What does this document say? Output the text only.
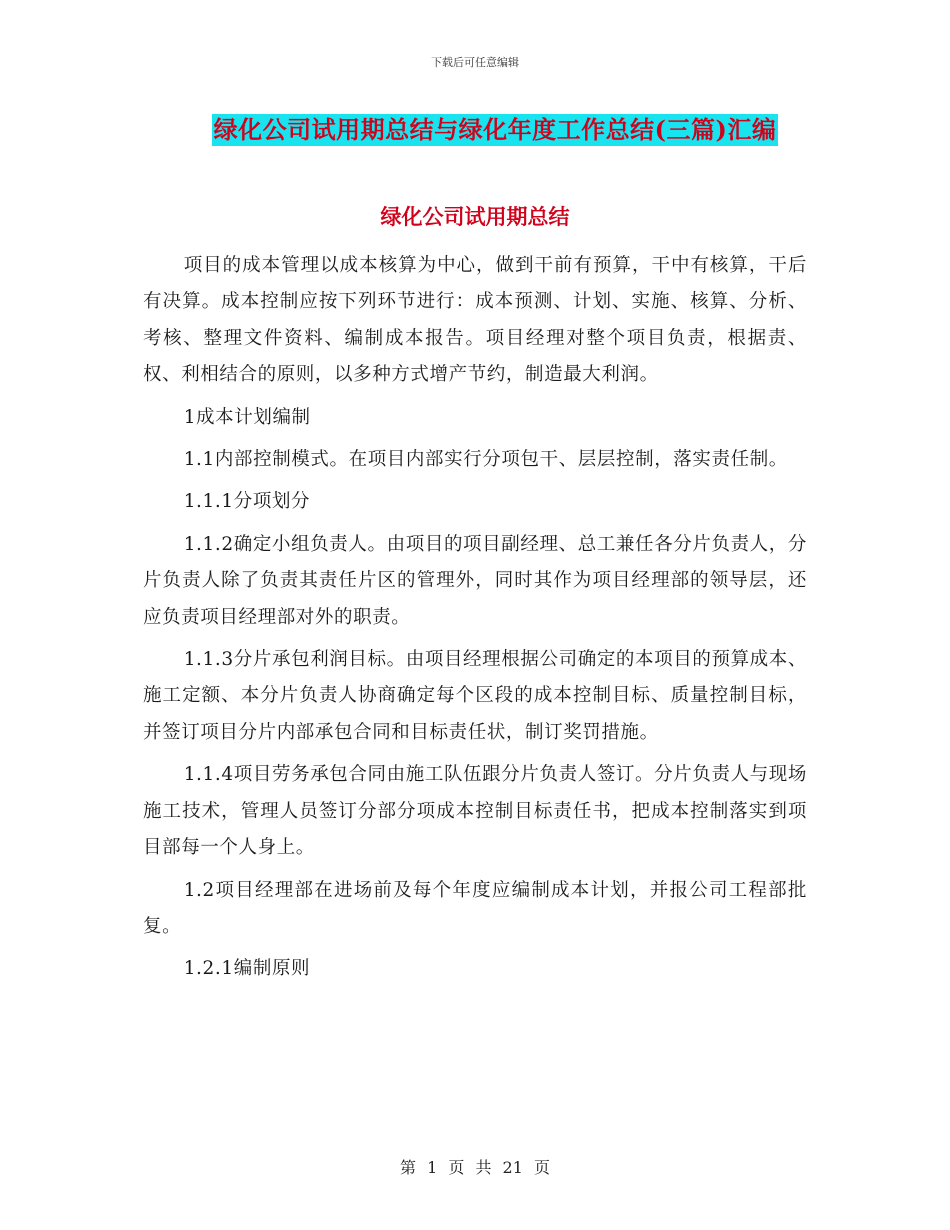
下载后可任意编辑
绿化公司试用期总结与绿化年度工作总结(三篇)汇编
绿化公司试用期总结

项目的成本管理以成本核算为中心，做到干前有预算，干中有核算，干后有决算。成本控制应按下列环节进行：成本预测、计划、实施、核算、分析、考核、整理文件资料、编制成本报告。项目经理对整个项目负责，根据责、权、利相结合的原则，以多种方式增产节约，制造最大利润。

1成本计划编制

1.1内部控制模式。在项目内部实行分项包干、层层控制，落实责任制。

1.1.1分项划分

1.1.2确定小组负责人。由项目的项目副经理、总工兼任各分片负责人，分片负责人除了负责其责任片区的管理外，同时其作为项目经理部的领导层，还应负责项目经理部对外的职责。

1.1.3分片承包利润目标。由项目经理根据公司确定的本项目的预算成本、施工定额、本分片负责人协商确定每个区段的成本控制目标、质量控制目标，并签订项目分片内部承包合同和目标责任状，制订奖罚措施。

1.1.4项目劳务承包合同由施工队伍跟分片负责人签订。分片负责人与现场施工技术，管理人员签订分部分项成本控制目标责任书，把成本控制落实到项目部每一个人身上。

1.2项目经理部在进场前及每个年度应编制成本计划，并报公司工程部批复。

1.2.1编制原则

第 1 页 共 21 页
